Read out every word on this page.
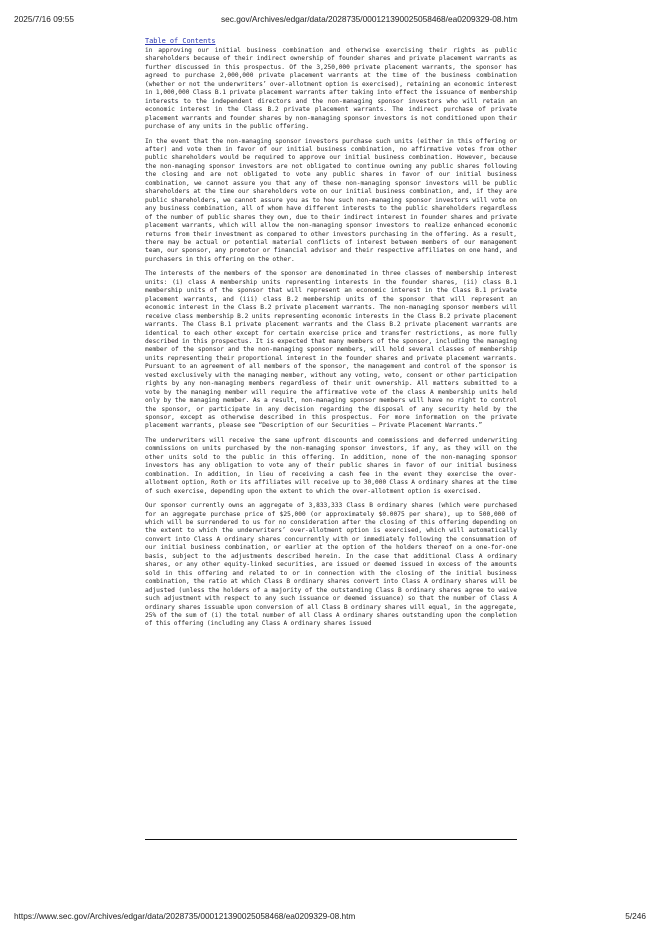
2025/7/16 09:55	sec.gov/Archives/edgar/data/2028735/000121390025058468/ea0209329-08.htm
Table of Contents

in approving our initial business combination and otherwise exercising their rights as public shareholders because of their indirect ownership of founder shares and private placement warrants as further discussed in this prospectus. Of the 3,250,000 private placement warrants, the sponsor has agreed to purchase 2,000,000 private placement warrants at the time of the business combination (whether or not the underwriters’ over-allotment option is exercised), retaining an economic interest in 1,000,000 Class B.1 private placement warrants after taking into effect the issuance of membership interests to the independent directors and the non-managing sponsor investors who will retain an economic interest in the Class B.2 private placement warrants. The indirect purchase of private placement warrants and founder shares by non-managing sponsor investors is not conditioned upon their purchase of any units in the public offering.

In the event that the non-managing sponsor investors purchase such units (either in this offering or after) and vote them in favor of our initial business combination, no affirmative votes from other public shareholders would be required to approve our initial business combination. However, because the non-managing sponsor investors are not obligated to continue owning any public shares following the closing and are not obligated to vote any public shares in favor of our initial business combination, we cannot assure you that any of these non-managing sponsor investors will be public shareholders at the time our shareholders vote on our initial business combination, and, if they are public shareholders, we cannot assure you as to how such non-managing sponsor investors will vote on any business combination, all of whom have different interests to the public shareholders regardless of the number of public shares they own, due to their indirect interest in founder shares and private placement warrants, which will allow the non-managing sponsor investors to realize enhanced economic returns from their investment as compared to other investors purchasing in the offering. As a result, there may be actual or potential material conflicts of interest between members of our management team, our sponsor, any promotor or financial advisor and their respective affiliates on one hand, and purchasers in this offering on the other.

The interests of the members of the sponsor are denominated in three classes of membership interest units: (i) class A membership units representing interests in the founder shares, (ii) class B.1 membership units of the sponsor that will represent an economic interest in the Class B.1 private placement warrants, and (iii) class B.2 membership units of the sponsor that will represent an economic interest in the Class B.2 private placement warrants. The non-managing sponsor members will receive class membership B.2 units representing economic interests in the Class B.2 private placement warrants. The Class B.1 private placement warrants and the Class B.2 private placement warrants are identical to each other except for certain exercise price and transfer restrictions, as more fully described in this prospectus. It is expected that many members of the sponsor, including the managing member of the sponsor and the non-managing sponsor members, will hold several classes of membership units representing their proportional interest in the founder shares and private placement warrants. Pursuant to an agreement of all members of the sponsor, the management and control of the sponsor is vested exclusively with the managing member, without any voting, veto, consent or other participation rights by any non-managing members regardless of their unit ownership. All matters submitted to a vote by the managing member will require the affirmative vote of the class A membership units held only by the managing member. As a result, non-managing sponsor members will have no right to control the sponsor, or participate in any decision regarding the disposal of any security held by the sponsor, except as otherwise described in this prospectus. For more information on the private placement warrants, please see “Description of our Securities — Private Placement Warrants.”

The underwriters will receive the same upfront discounts and commissions and deferred underwriting commissions on units purchased by the non-managing sponsor investors, if any, as they will on the other units sold to the public in this offering. In addition, none of the non-managing sponsor investors has any obligation to vote any of their public shares in favor of our initial business combination. In addition, in lieu of receiving a cash fee in the event they exercise the over-allotment option, Roth or its affiliates will receive up to 30,000 Class A ordinary shares at the time of such exercise, depending upon the extent to which the over-allotment option is exercised.

Our sponsor currently owns an aggregate of 3,833,333 Class B ordinary shares (which were purchased for an aggregate purchase price of $25,000 (or approximately $0.0075 per share), up to 500,000 of which will be surrendered to us for no consideration after the closing of this offering depending on the extent to which the underwriters’ over-allotment option is exercised, which will automatically convert into Class A ordinary shares concurrently with or immediately following the consummation of our initial business combination, or earlier at the option of the holders thereof on a one-for-one basis, subject to the adjustments described herein. In the case that additional Class A ordinary shares, or any other equity-linked securities, are issued or deemed issued in excess of the amounts sold in this offering and related to or in connection with the closing of the initial business combination, the ratio at which Class B ordinary shares convert into Class A ordinary shares will be adjusted (unless the holders of a majority of the outstanding Class B ordinary shares agree to waive such adjustment with respect to any such issuance or deemed issuance) so that the number of Class A ordinary shares issuable upon conversion of all Class B ordinary shares will equal, in the aggregate, 25% of the sum of (i) the total number of all Class A ordinary shares outstanding upon the completion of this offering (including any Class A ordinary shares issued

https://www.sec.gov/Archives/edgar/data/2028735/000121390025058468/ea0209329-08.htm	5/246
